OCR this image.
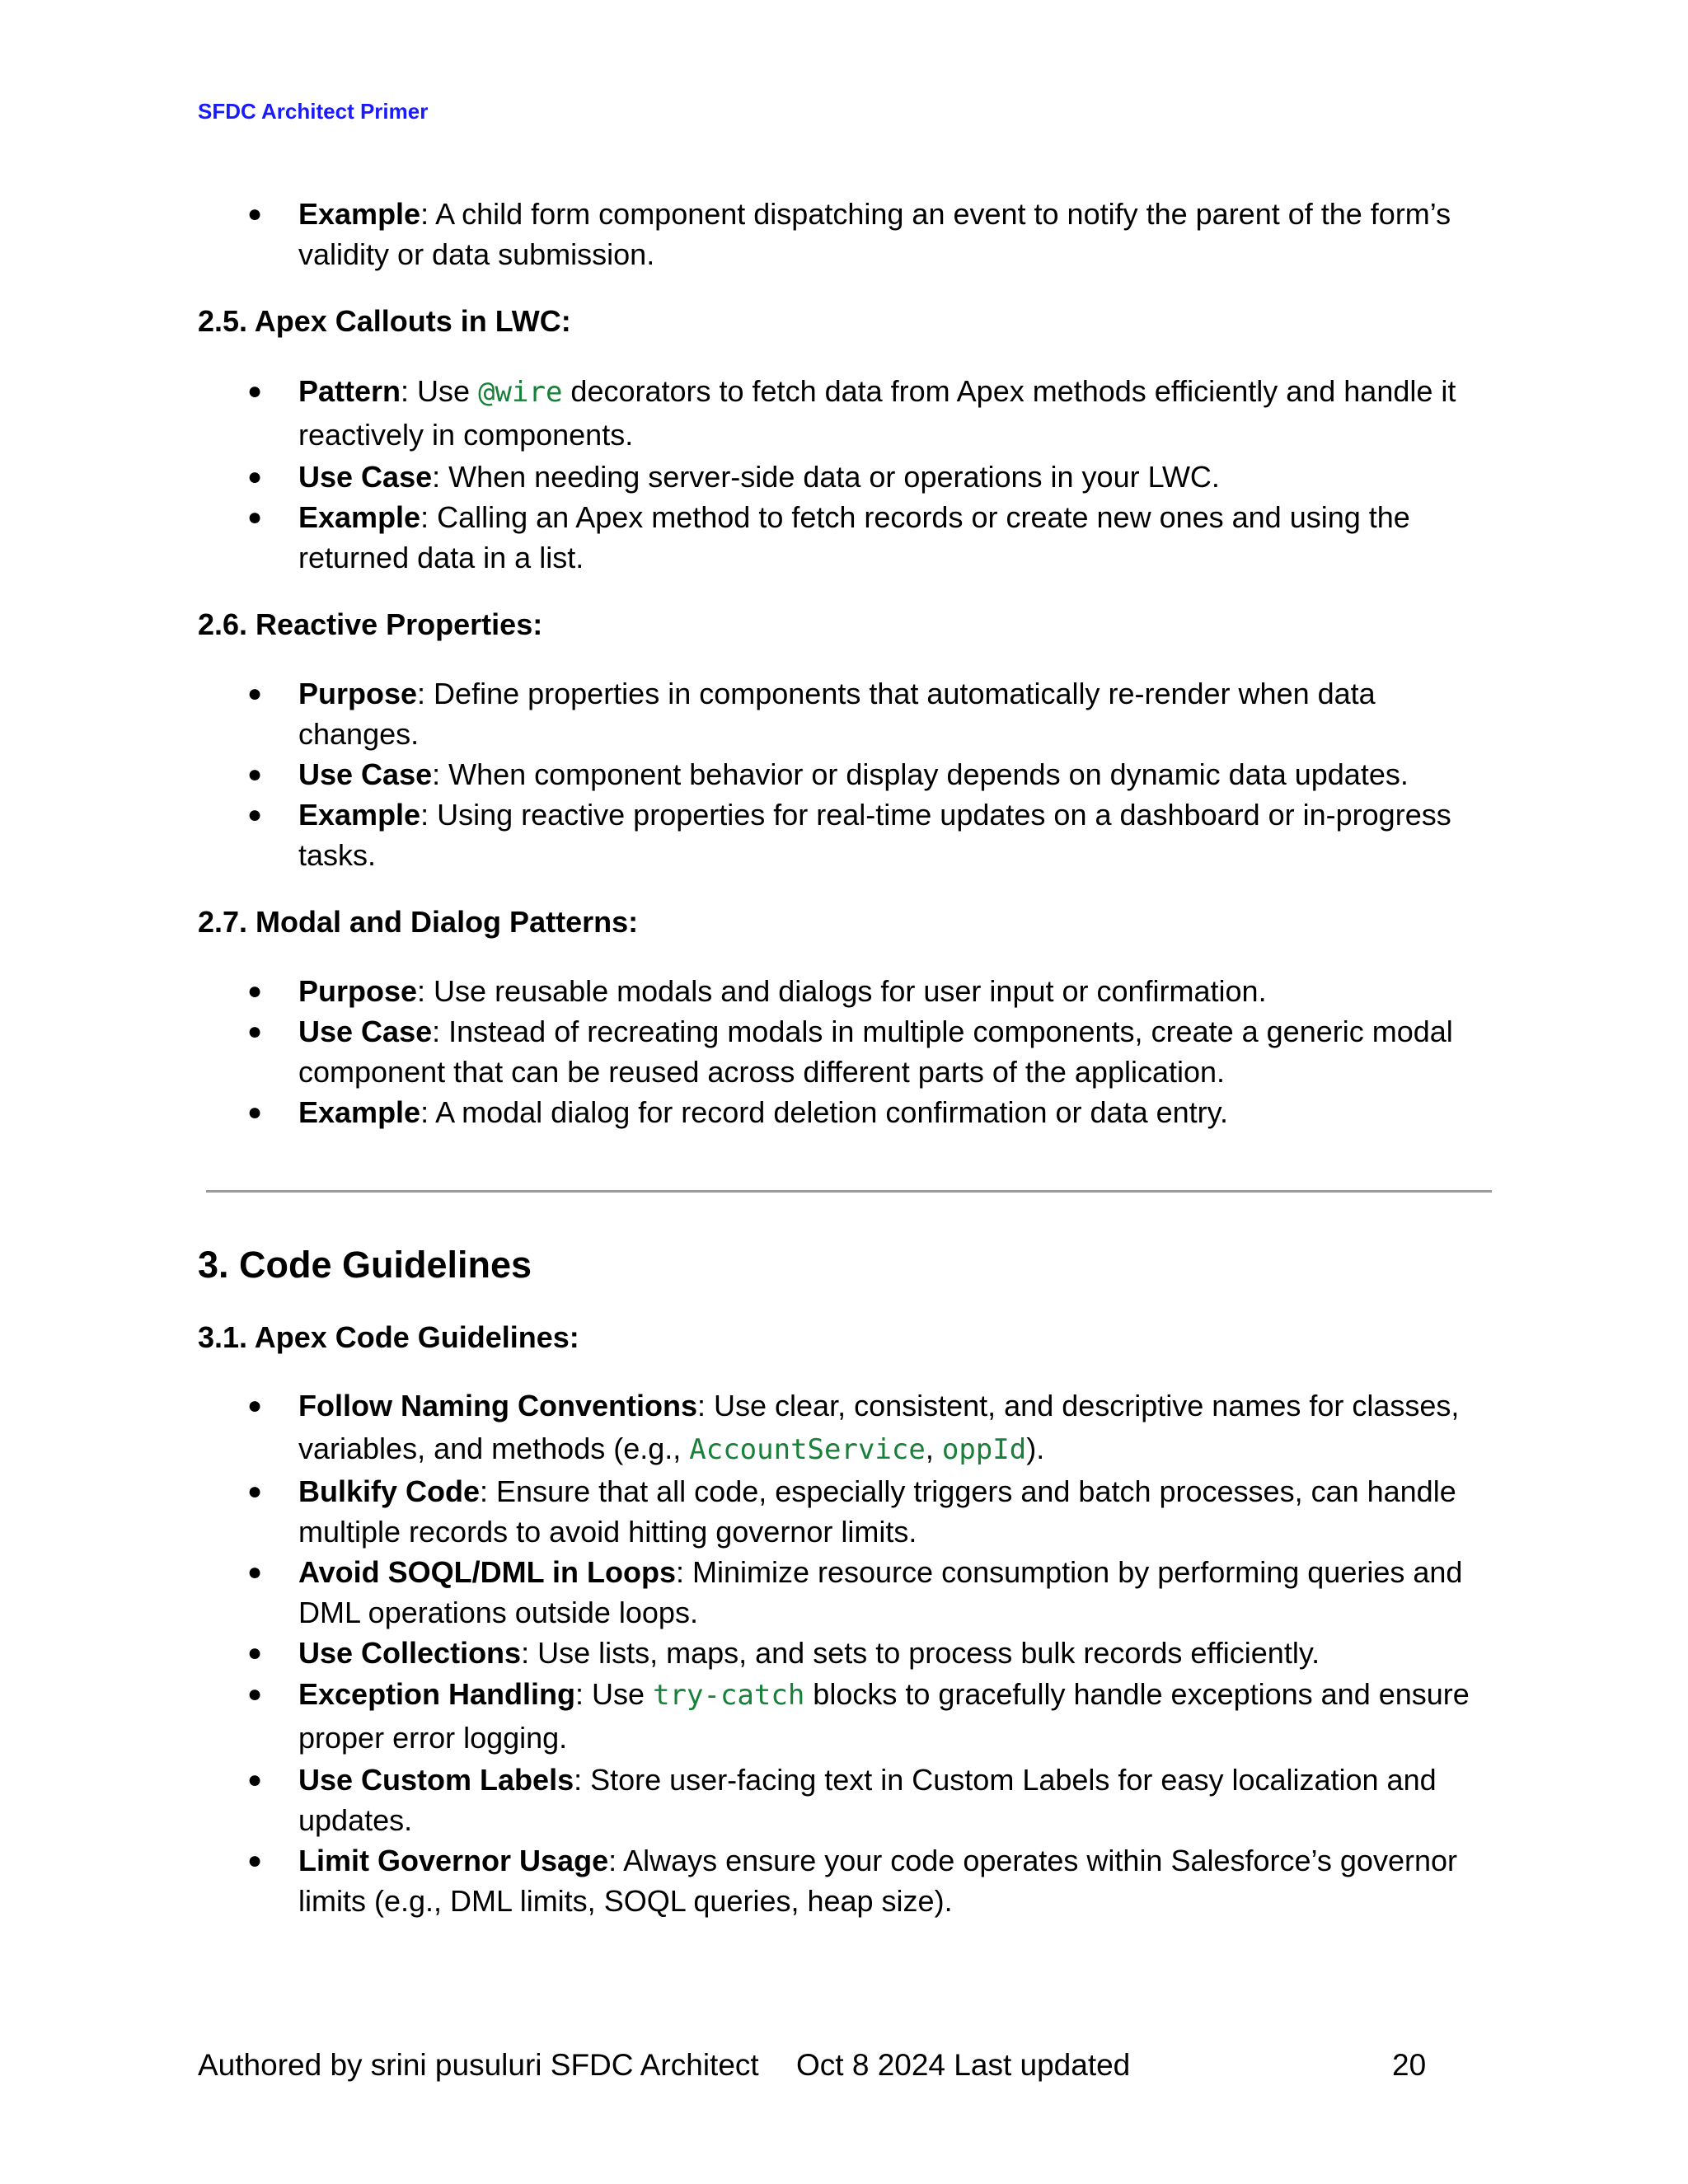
SFDC Architect Primer
● Example: A child form component dispatching an event to notify the parent of the form’s validity or data submission.
2.5. Apex Callouts in LWC:
● Pattern: Use @wire decorators to fetch data from Apex methods efficiently and handle it reactively in components.
● Use Case: When needing server-side data or operations in your LWC.
● Example: Calling an Apex method to fetch records or create new ones and using the returned data in a list.
2.6. Reactive Properties:
● Purpose: Define properties in components that automatically re-render when data changes.
● Use Case: When component behavior or display depends on dynamic data updates.
● Example: Using reactive properties for real-time updates on a dashboard or in-progress tasks.
2.7. Modal and Dialog Patterns:
● Purpose: Use reusable modals and dialogs for user input or confirmation.
● Use Case: Instead of recreating modals in multiple components, create a generic modal component that can be reused across different parts of the application.
● Example: A modal dialog for record deletion confirmation or data entry.
3. Code Guidelines
3.1. Apex Code Guidelines:
● Follow Naming Conventions: Use clear, consistent, and descriptive names for classes, variables, and methods (e.g., AccountService, oppId).
● Bulkify Code: Ensure that all code, especially triggers and batch processes, can handle multiple records to avoid hitting governor limits.
● Avoid SOQL/DML in Loops: Minimize resource consumption by performing queries and DML operations outside loops.
● Use Collections: Use lists, maps, and sets to process bulk records efficiently.
● Exception Handling: Use try-catch blocks to gracefully handle exceptions and ensure proper error logging.
● Use Custom Labels: Store user-facing text in Custom Labels for easy localization and updates.
● Limit Governor Usage: Always ensure your code operates within Salesforce’s governor limits (e.g., DML limits, SOQL queries, heap size).
Authored by srini pusuluri SFDC Architect Oct 8 2024 Last updated	20
